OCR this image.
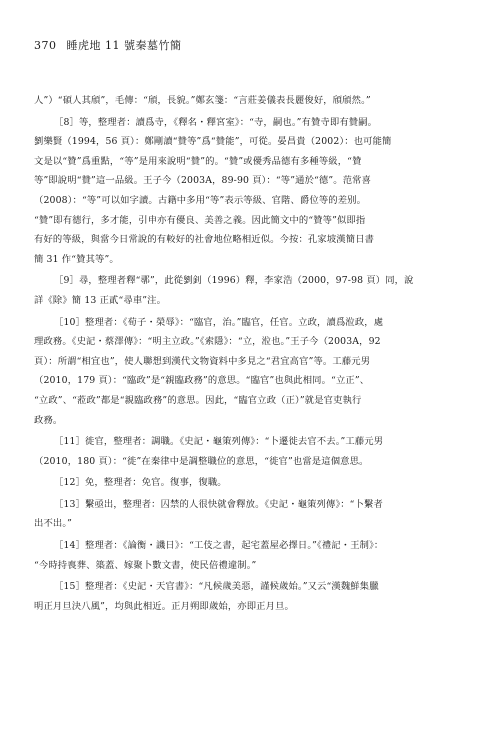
370 睡虎地 11 號秦墓竹簡

人”）“碩人其頎”，毛傳：“頎，長貌。”鄭玄箋：“言莊姜儀表長麗俊好，頎頎然。”

［8］等，整理者：讀爲寺，《釋名・釋宮室》：“寺，嗣也。”有贊寺即有贊嗣。
劉樂賢（1994，56 頁）：鄭剛讀“贊等”爲“贊能”，可從。晏昌貴（2002）：也可能簡
文是以“贊”爲重點，“等”是用來說明“贊”的。“贊”或優秀品德有多種等級，“贊
等”即說明“贊”這一品級。王子今（2003A，89-90 頁）：“等”通於“德”。范常喜
（2008）：“等”可以如字讀。古籍中多用“等”表示等級、官階、爵位等的差别。
“贊”即有德行，多才能，引申亦有優良、美善之義。因此簡文中的“贊等”似即指
有好的等級，與當今日常說的有較好的社會地位略相近似。今按：孔家坡漢簡日書
簡 31 作“贊其等”。

［9］尋，整理者釋“鄩”，此從劉釗（1996）釋，李家浩（2000，97-98 頁）同，說
詳《除》簡 13 正貳“尋車”注。

［10］整理者：《荀子・榮辱》：“臨官，治。”臨官，任官。立政，讀爲涖政，處
理政務。《史記・蔡澤傳》：“明主立政。”《索隱》：“立，涖也。”王子今（2003A，92
頁）：所謂“相宜也”，使人聯想到漢代文物資料中多見之“君宜高官”等。工藤元男
（2010，179 頁）：“臨政”是“親臨政務”的意思。“臨官”也與此相同。“立正”、
“立政”、“蒞政”都是“親臨政務”的意思。因此，“臨官立政（正）”就是官吏執行
政務。

［11］徙官，整理者：調職。《史記・龜策列傳》：“卜遷徙去官不去。”工藤元男
（2010，180 頁）：“徙”在秦律中是調整職位的意思，“徙官”也當是這個意思。

［12］免，整理者：免官。復事，復職。

［13］繫亟出，整理者：囚禁的人很快就會釋放。《史記・龜策列傳》：“卜繫者
出不出。”

［14］整理者：《論衡・譏日》：“工伎之書，起宅蓋屋必擇日。”《禮記・王制》：
“今時持喪葬、築蓋、嫁聚卜數文書，使民倍禮違制。”

［15］整理者：《史記・天官書》：“凡候歲美惡，謹候歲始。”又云“漢魏鮮集臘
明正月旦決八風”，均與此相近。正月朔即歲始，亦即正月旦。
